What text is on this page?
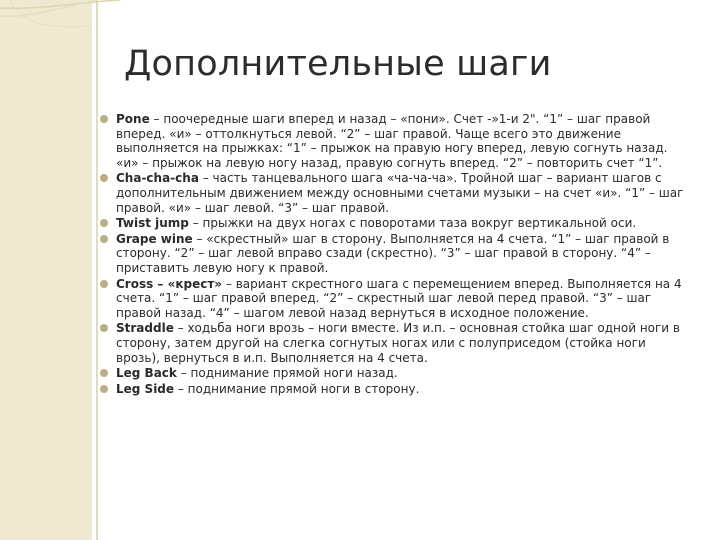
Дополнительные шаги
Pone – поочередные шаги вперед и назад – «пони». Счет -»1-и 2". “1” – шаг правой вперед. «и» – оттолкнуться левой. “2” – шаг правой. Чаще всего это движение выполняется на прыжках: “1” – прыжок на правую ногу вперед, левую согнуть назад. «и» – прыжок на левую ногу назад, правую согнуть вперед. “2” – повторить счет “1”.
Cha-cha-cha – часть танцевального шага «ча-ча-ча». Тройной шаг – вариант шагов с дополнительным движением между основными счетами музыки – на счет «и». “1” – шаг правой. «и» – шаг левой. “3” – шаг правой.
Twist jump – прыжки на двух ногах с поворотами таза вокруг вертикальной оси.
Grape wine – «скрестный» шаг в сторону. Выполняется на 4 счета. “1” – шаг правой в сторону. “2” – шаг левой вправо сзади (скрестно). “3” – шаг правой в сторону. “4” – приставить левую ногу к правой.
Cross – «крест» – вариант скрестного шага с перемещением вперед. Выполняется на 4 счета. “1” – шаг правой вперед. “2” – скрестный шаг левой перед правой. “3” – шаг правой назад. “4” – шагом левой назад вернуться в исходное положение.
Straddle – ходьба ноги врозь – ноги вместе. Из и.п. – основная стойка шаг одной ноги в сторону, затем другой на слегка согнутых ногах или с полуприседом (стойка ноги врозь), вернуться в и.п. Выполняется на 4 счета.
Leg Back – поднимание прямой ноги назад.
Leg Side – поднимание прямой ноги в сторону.
